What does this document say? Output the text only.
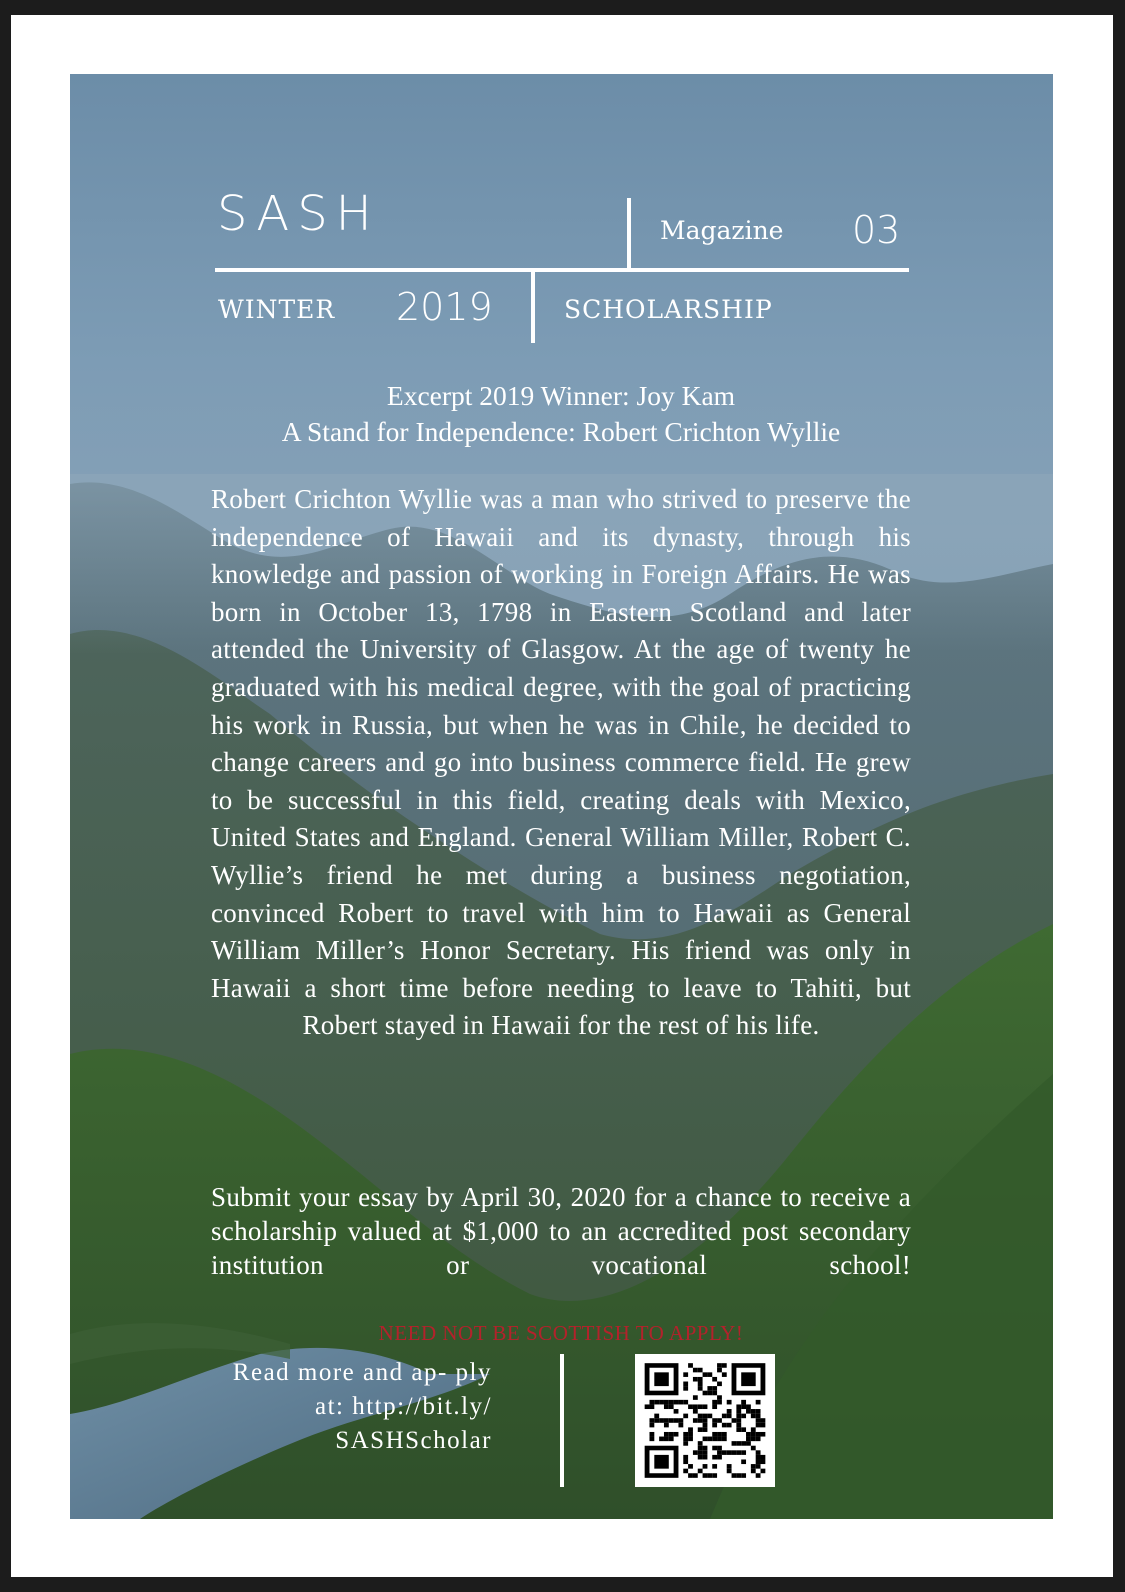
SASH	Magazine 03
WINTER 2019	SCHOLARSHIP
Excerpt 2019 Winner: Joy Kam
A Stand for Independence: Robert Crichton Wyllie

Robert Crichton Wyllie was a man who strived to preserve the independence of Hawaii and its dynasty, through his knowledge and passion of working in Foreign Affairs. He was born in October 13, 1798 in Eastern Scotland and later attended the University of Glasgow. At the age of twenty he graduated with his medical degree, with the goal of practicing his work in Russia, but when he was in Chile, he decided to change careers and go into business commerce field. He grew to be successful in this field, creating deals with Mexico, United States and England. General William Miller, Robert C. Wyllie’s friend he met during a business negotiation, convinced Robert to travel with him to Hawaii as General William Miller’s Honor Secretary. His friend was only in Hawaii a short time before needing to leave to Tahiti, but Robert stayed in Hawaii for the rest of his life.

Submit your essay by April 30, 2020 for a chance to receive a scholarship valued at $1,000 to an accredited post secondary institution or vocational school!

NEED NOT BE SCOTTISH TO APPLY!
Read more and ap- ply at: http://bit.ly/ SASHScholar
